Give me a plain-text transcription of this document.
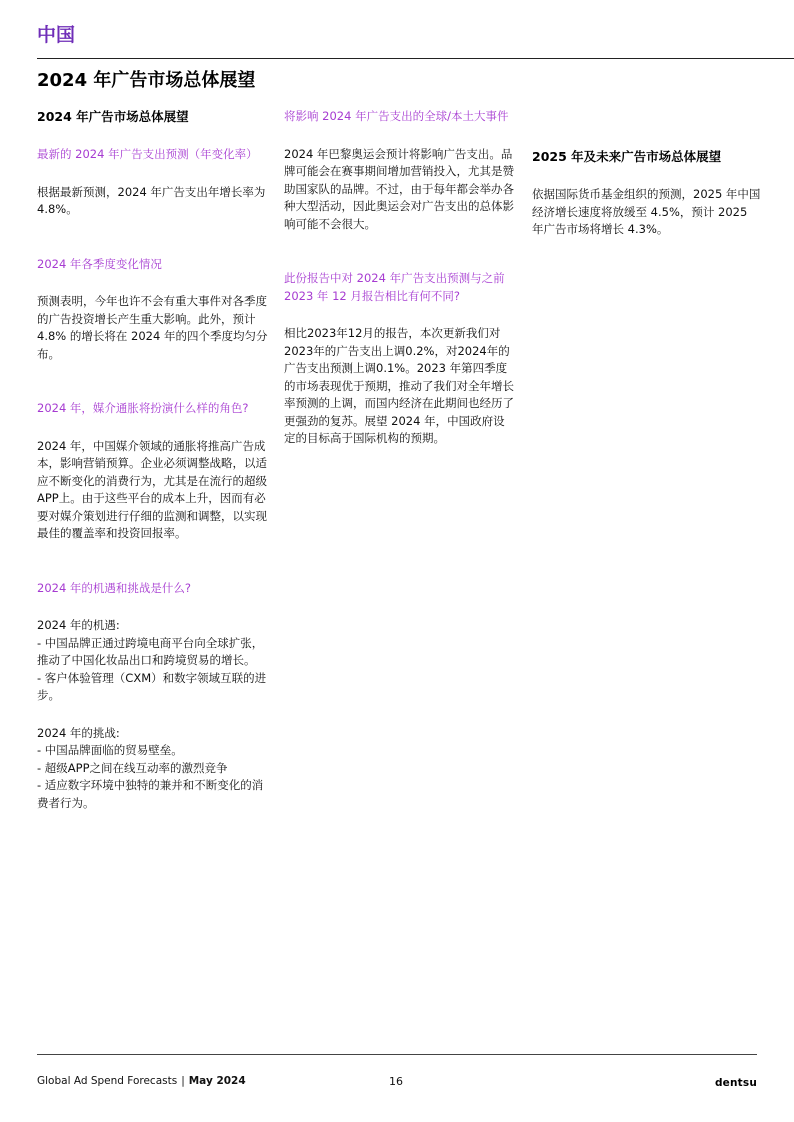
中国
2024 年广告市场总体展望
2024 年广告市场总体展望
最新的 2024 年广告支出预测（年变化率）

根据最新预测，2024 年广告支出年增长率为 4.8%。

2024 年各季度变化情况

预测表明，今年也许不会有重大事件对各季度的广告投资增长产生重大影响。此外，预计 4.8% 的增长将在 2024 年的四个季度均匀分布。

2024 年，媒介通胀将扮演什么样的角色?

2024 年，中国媒介领域的通胀将推高广告成本，影响营销预算。企业必须调整战略，以适应不断变化的消费行为，尤其是在流行的超级APP上。由于这些平台的成本上升，因而有必要对媒介策划进行仔细的监测和调整，以实现最佳的覆盖率和投资回报率。

2024 年的机遇和挑战是什么?

2024 年的机遇:

- 中国品牌正通过跨境电商平台向全球扩张，推动了中国化妆品出口和跨境贸易的增长。

- 客户体验管理（CXM）和数字领域互联的进步。

2024 年的挑战:

- 中国品牌面临的贸易壁垒。

- 超级APP之间在线互动率的激烈竞争

- 适应数字环境中独特的兼并和不断变化的消费者行为。

将影响 2024 年广告支出的全球/本土大事件

2024 年巴黎奥运会预计将影响广告支出。品牌可能会在赛事期间增加营销投入，尤其是赞助国家队的品牌。不过，由于每年都会举办各种大型活动，因此奥运会对广告支出的总体影响可能不会很大。

此份报告中对 2024 年广告支出预测与之前 2023 年 12 月报告相比有何不同?

相比2023年12月的报告，本次更新我们对2023年的广告支出上调0.2%，对2024年的广告支出预测上调0.1%。2023 年第四季度的市场表现优于预期，推动了我们对全年增长率预测的上调，而国内经济在此期间也经历了更强劲的复苏。展望 2024 年，中国政府设定的目标高于国际机构的预期。

2025 年及未来广告市场总体展望

依据国际货币基金组织的预测，2025 年中国经济增长速度将放缓至 4.5%，预计 2025 年广告市场将增长 4.3%。

Global Ad Spend Forecasts | May 2024	16	dentsu
